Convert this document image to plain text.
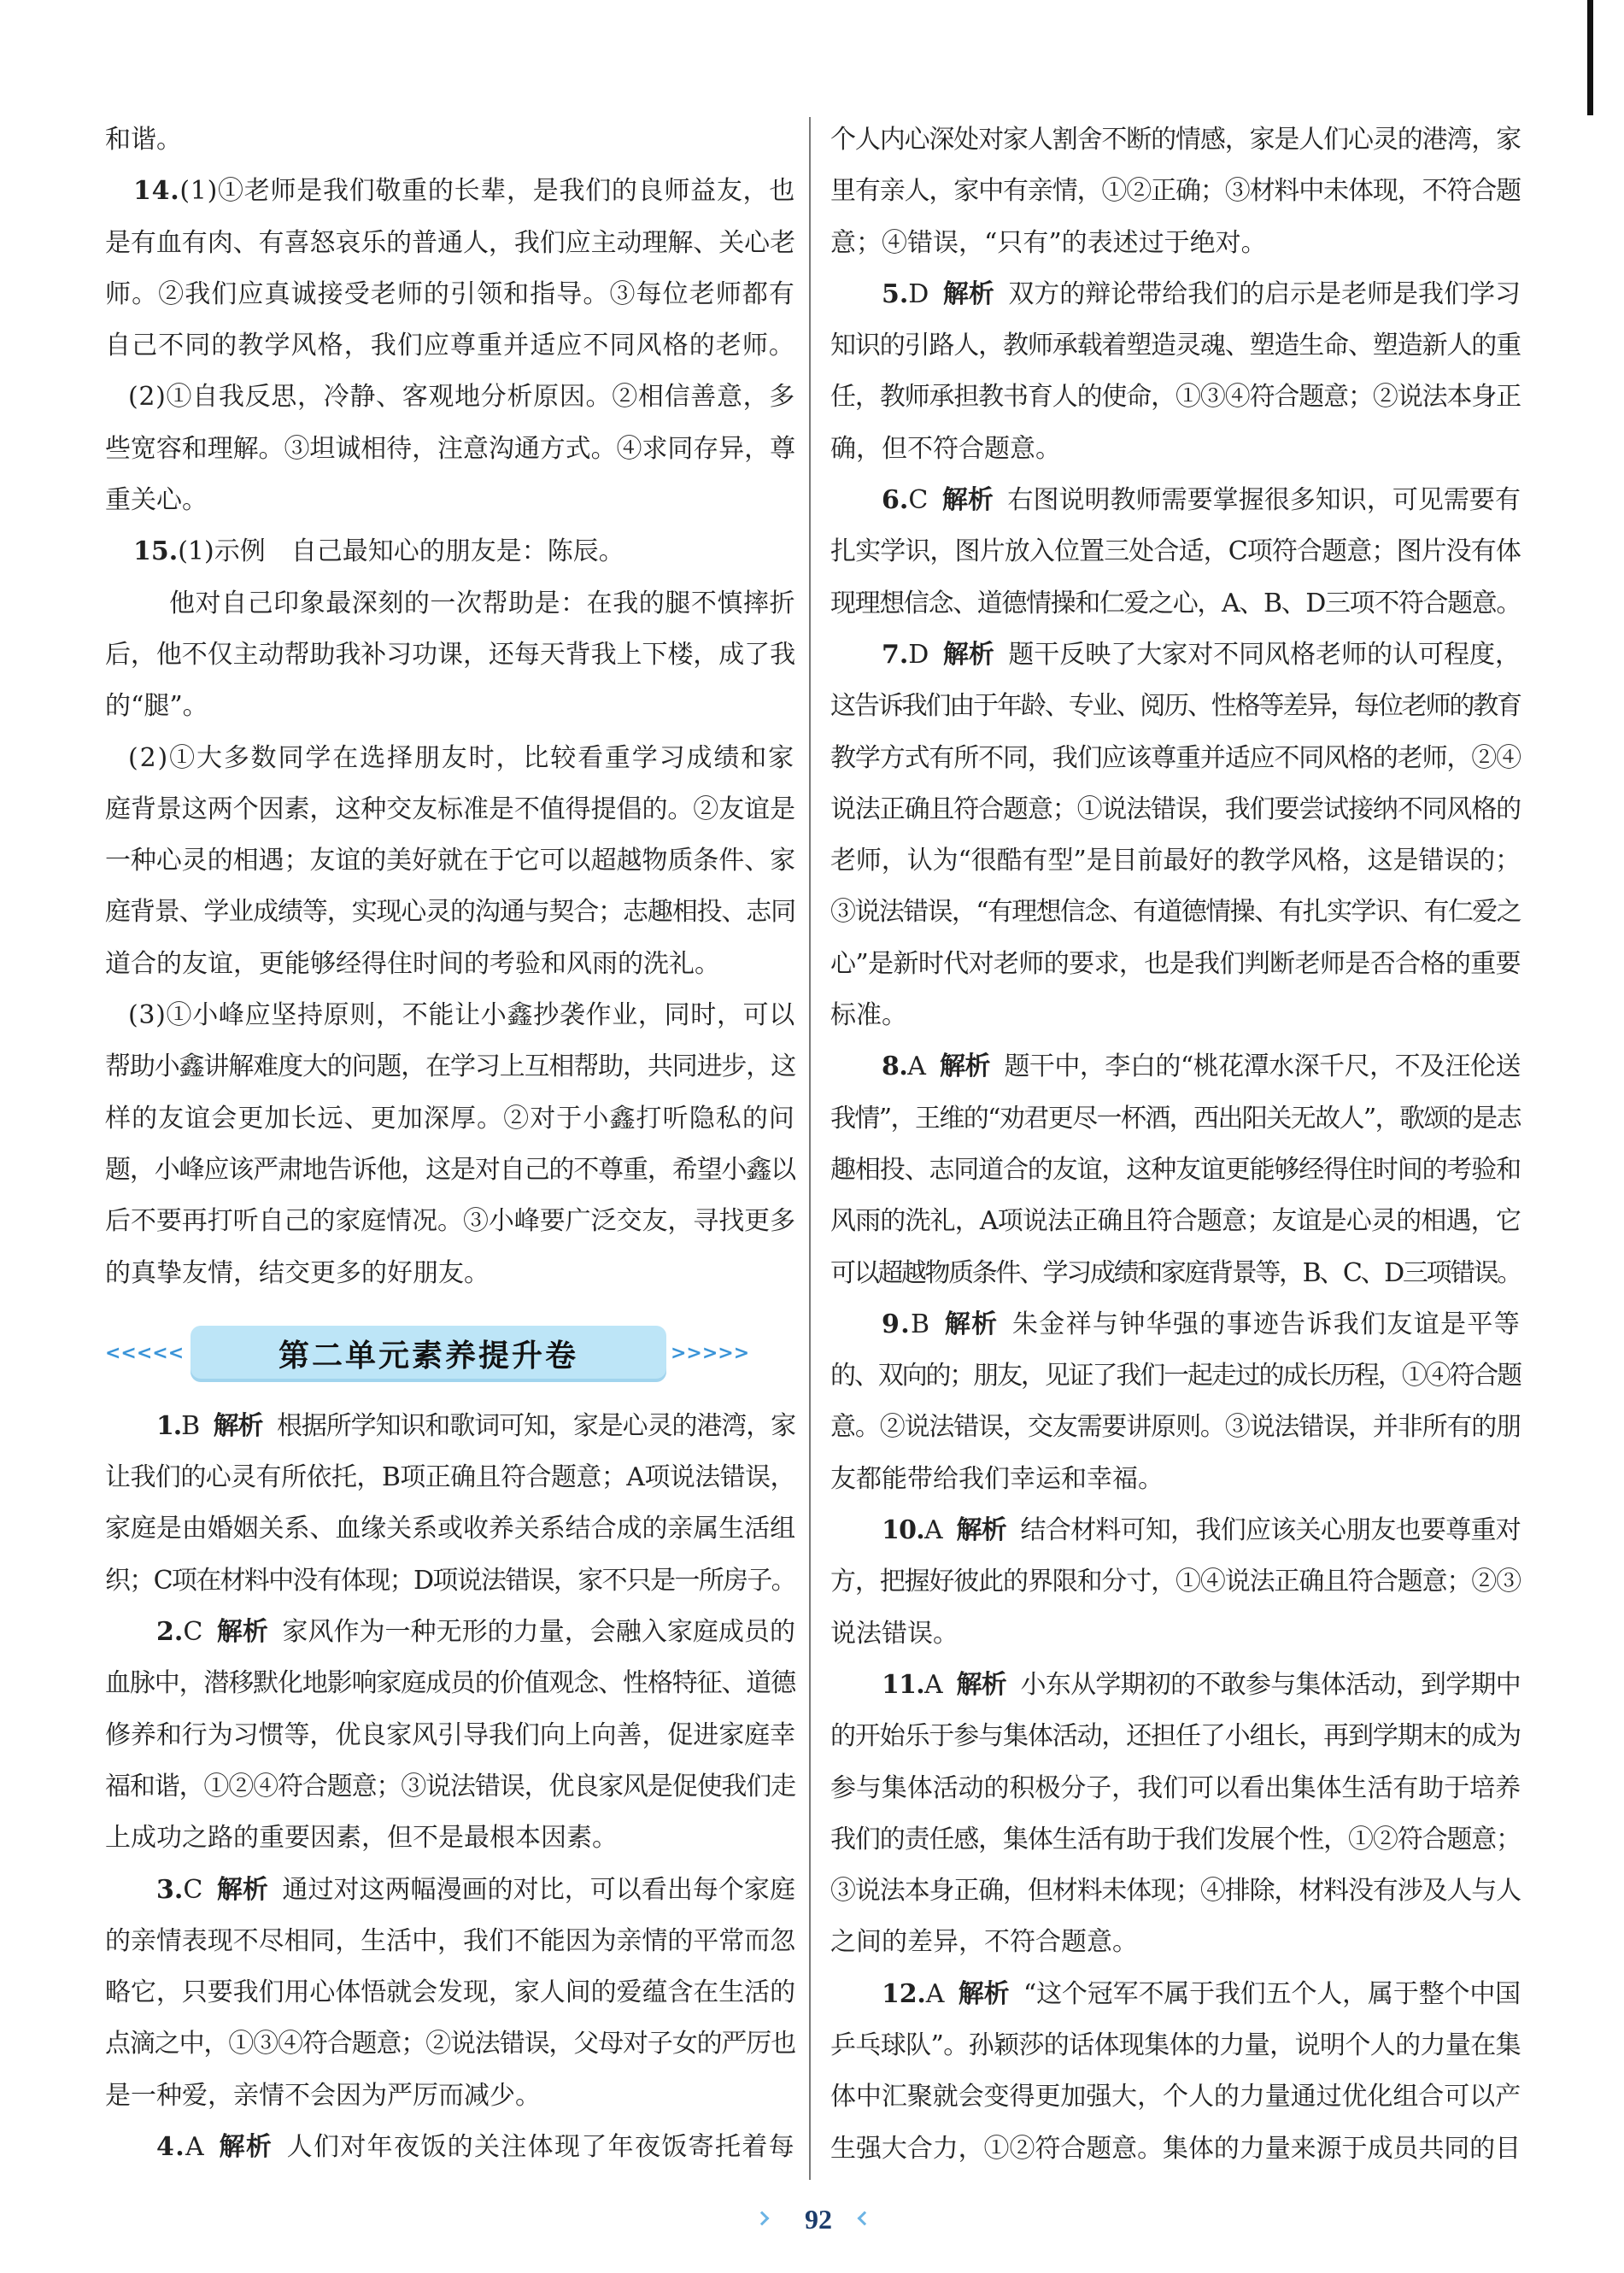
和谐。
14.(1)①老师是我们敬重的长辈，是我们的良师益友，也
是有血有肉、有喜怒哀乐的普通人，我们应主动理解、关心老
师。②我们应真诚接受老师的引领和指导。③每位老师都有
自己不同的教学风格，我们应尊重并适应不同风格的老师。
(2)①自我反思，冷静、客观地分析原因。②相信善意，多
些宽容和理解。③坦诚相待，注意沟通方式。④求同存异，尊
重关心。
15.(1)示例　自己最知心的朋友是：陈辰。
他对自己印象最深刻的一次帮助是：在我的腿不慎摔折
后，他不仅主动帮助我补习功课，还每天背我上下楼，成了我
的“腿”。
(2)①大多数同学在选择朋友时，比较看重学习成绩和家
庭背景这两个因素，这种交友标准是不值得提倡的。②友谊是
一种心灵的相遇；友谊的美好就在于它可以超越物质条件、家
庭背景、学业成绩等，实现心灵的沟通与契合；志趣相投、志同
道合的友谊，更能够经得住时间的考验和风雨的洗礼。
(3)①小峰应坚持原则，不能让小鑫抄袭作业，同时，可以
帮助小鑫讲解难度大的问题，在学习上互相帮助，共同进步，这
样的友谊会更加长远、更加深厚。②对于小鑫打听隐私的问
题，小峰应该严肃地告诉他，这是对自己的不尊重，希望小鑫以
后不要再打听自己的家庭情况。③小峰要广泛交友，寻找更多
的真挚友情，结交更多的好朋友。
<<<<<	第二单元素养提升卷	>>>>>
1.B 解析 根据所学知识和歌词可知，家是心灵的港湾，家
让我们的心灵有所依托，B项正确且符合题意；A项说法错误，
家庭是由婚姻关系、血缘关系或收养关系结合成的亲属生活组
织；C项在材料中没有体现；D项说法错误，家不只是一所房子。
2.C 解析 家风作为一种无形的力量，会融入家庭成员的
血脉中，潜移默化地影响家庭成员的价值观念、性格特征、道德
修养和行为习惯等，优良家风引导我们向上向善，促进家庭幸
福和谐，①②④符合题意；③说法错误，优良家风是促使我们走
上成功之路的重要因素，但不是最根本因素。
3.C 解析 通过对这两幅漫画的对比，可以看出每个家庭
的亲情表现不尽相同，生活中，我们不能因为亲情的平常而忽
略它，只要我们用心体悟就会发现，家人间的爱蕴含在生活的
点滴之中，①③④符合题意；②说法错误，父母对子女的严厉也
是一种爱，亲情不会因为严厉而减少。
4.A 解析 人们对年夜饭的关注体现了年夜饭寄托着每
个人内心深处对家人割舍不断的情感，家是人们心灵的港湾，家
里有亲人，家中有亲情，①②正确；③材料中未体现，不符合题
意；④错误，“只有”的表述过于绝对。
5.D 解析 双方的辩论带给我们的启示是老师是我们学习
知识的引路人，教师承载着塑造灵魂、塑造生命、塑造新人的重
任，教师承担教书育人的使命，①③④符合题意；②说法本身正
确，但不符合题意。
6.C 解析 右图说明教师需要掌握很多知识，可见需要有
扎实学识，图片放入位置三处合适，C项符合题意；图片没有体
现理想信念、道德情操和仁爱之心，A、B、D三项不符合题意。
7.D 解析 题干反映了大家对不同风格老师的认可程度，
这告诉我们由于年龄、专业、阅历、性格等差异，每位老师的教育
教学方式有所不同，我们应该尊重并适应不同风格的老师，②④
说法正确且符合题意；①说法错误，我们要尝试接纳不同风格的
老师，认为“很酷有型”是目前最好的教学风格，这是错误的；
③说法错误，“有理想信念、有道德情操、有扎实学识、有仁爱之
心”是新时代对老师的要求，也是我们判断老师是否合格的重要
标准。
8.A 解析 题干中，李白的“桃花潭水深千尺，不及汪伦送
我情”，王维的“劝君更尽一杯酒，西出阳关无故人”，歌颂的是志
趣相投、志同道合的友谊，这种友谊更能够经得住时间的考验和
风雨的洗礼，A项说法正确且符合题意；友谊是心灵的相遇，它
可以超越物质条件、学习成绩和家庭背景等，B、C、D三项错误。
9.B 解析 朱金祥与钟华强的事迹告诉我们友谊是平等
的、双向的；朋友，见证了我们一起走过的成长历程，①④符合题
意。②说法错误，交友需要讲原则。③说法错误，并非所有的朋
友都能带给我们幸运和幸福。
10.A 解析 结合材料可知，我们应该关心朋友也要尊重对
方，把握好彼此的界限和分寸，①④说法正确且符合题意；②③
说法错误。
11.A 解析 小东从学期初的不敢参与集体活动，到学期中
的开始乐于参与集体活动，还担任了小组长，再到学期末的成为
参与集体活动的积极分子，我们可以看出集体生活有助于培养
我们的责任感，集体生活有助于我们发展个性，①②符合题意；
③说法本身正确，但材料未体现；④排除，材料没有涉及人与人
之间的差异，不符合题意。
12.A 解析 “这个冠军不属于我们五个人，属于整个中国
乒乓球队”。孙颖莎的话体现集体的力量，说明个人的力量在集
体中汇聚就会变得更加强大，个人的力量通过优化组合可以产
生强大合力，①②符合题意。集体的力量来源于成员共同的目
92
